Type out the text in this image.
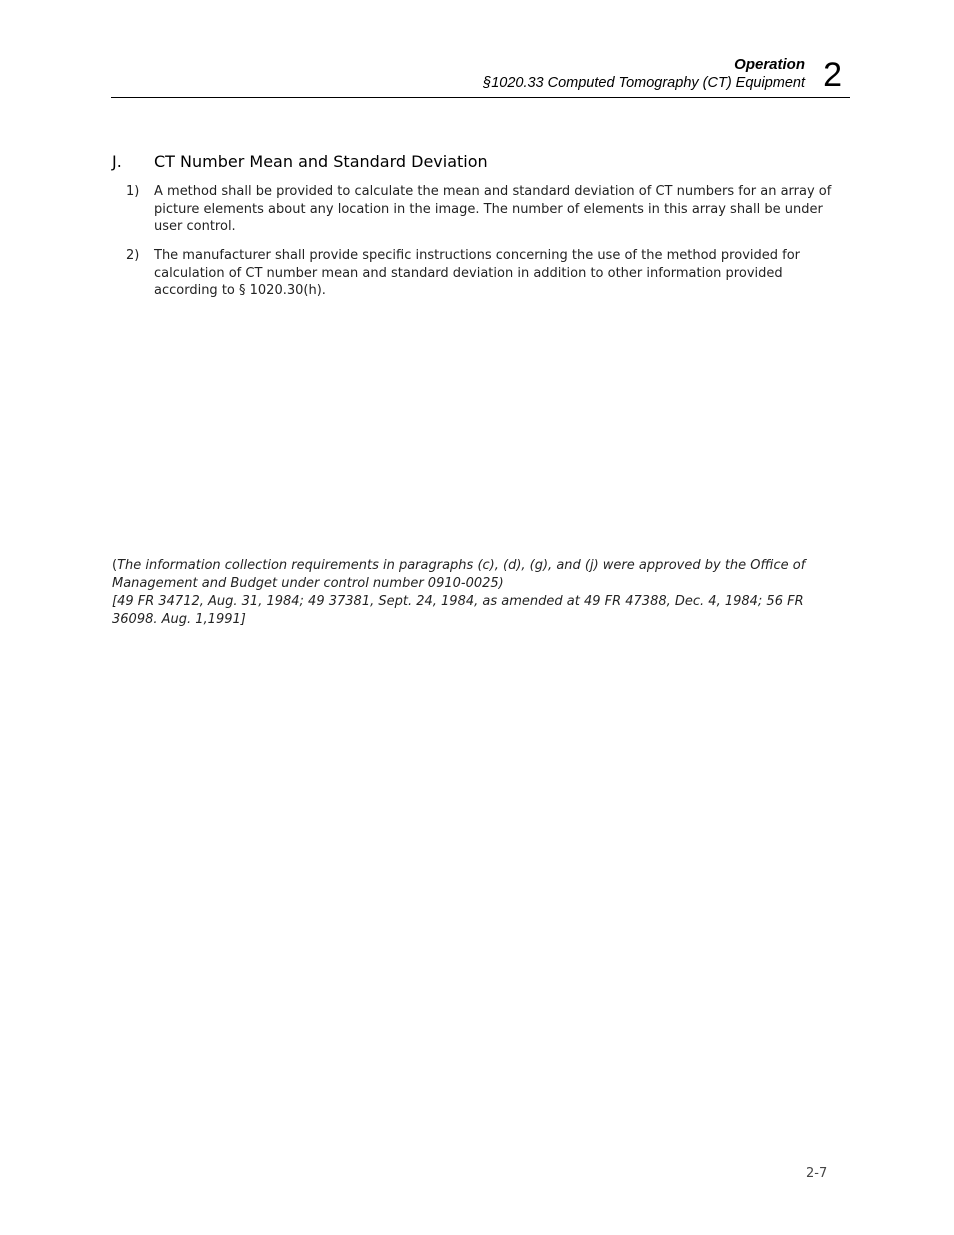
Operation
§1020.33 Computed Tomography (CT) Equipment 2
J. CT Number Mean and Standard Deviation
1)	A method shall be provided to calculate the mean and standard deviation of CT numbers for an array of picture elements about any location in the image. The number of elements in this array shall be under user control.
2)	The manufacturer shall provide specific instructions concerning the use of the method provided for calculation of CT number mean and standard deviation in addition to other information provided according to § 1020.30(h).

(The information collection requirements in paragraphs (c), (d), (g), and (j) were approved by the Office of Management and Budget under control number 0910-0025)

[49 FR 34712, Aug. 31, 1984; 49 37381, Sept. 24, 1984, as amended at 49 FR 47388, Dec. 4, 1984; 56 FR 36098. Aug. 1,1991]

2-7
